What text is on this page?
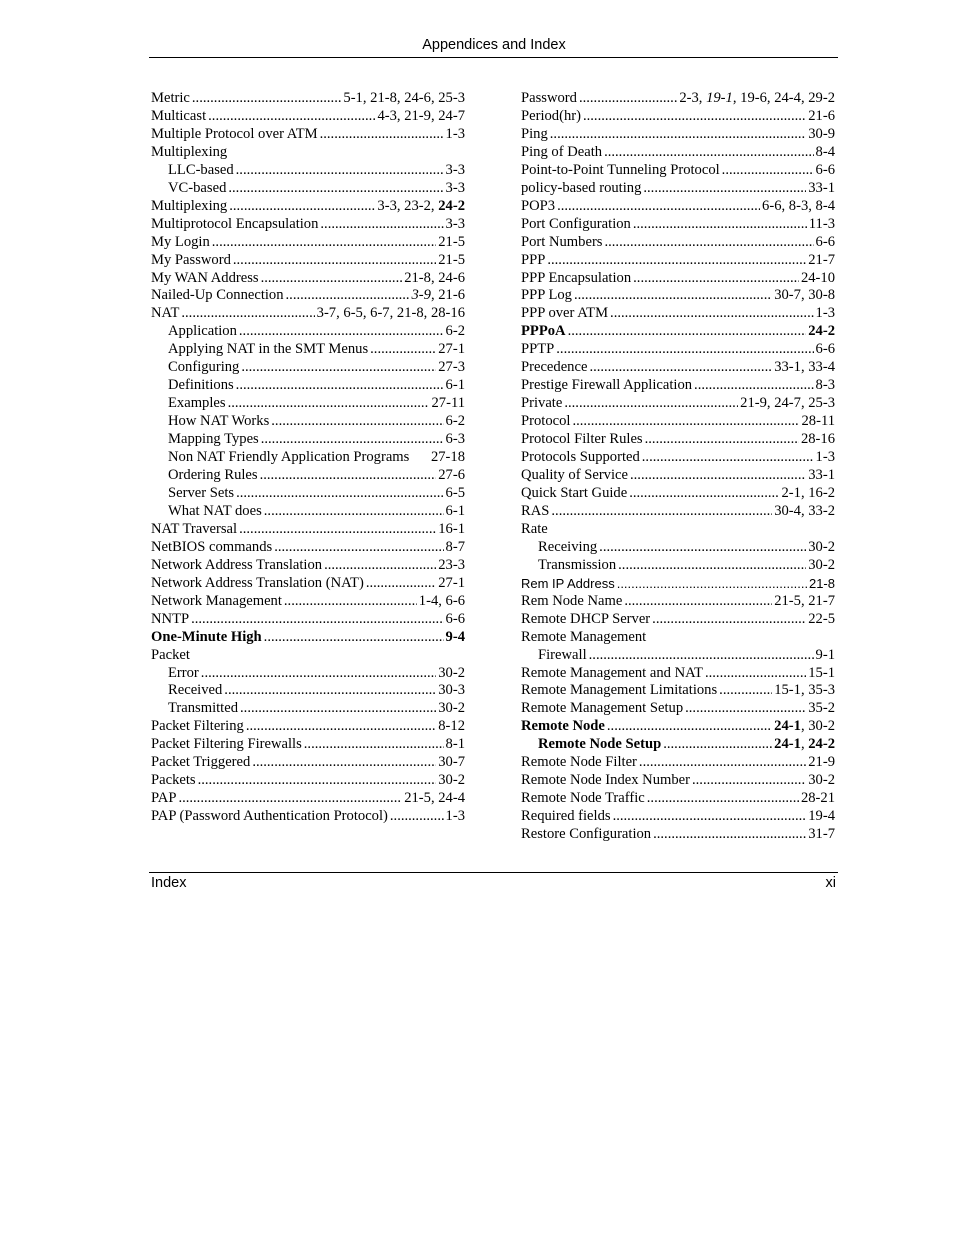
Appendices and Index
Metric .....	5-1, 21-8, 24-6, 25-3
Multicast .....	4-3, 21-9, 24-7
Multiple Protocol over ATM .....	1-3
Multiplexing
LLC-based .....	3-3
VC-based .....	3-3
Multiplexing .....	3-3, 23-2, 24-2
Multiprotocol Encapsulation .....	3-3
My Login .....	21-5
My Password .....	21-5
My WAN Address .....	21-8, 24-6
Nailed-Up Connection .....	3-9, 21-6
NAT .....	3-7, 6-5, 6-7, 21-8, 28-16
Application .....	6-2
Applying NAT in the SMT Menus .....	27-1
Configuring .....	27-3
Definitions .....	6-1
Examples .....	27-11
How NAT Works .....	6-2
Mapping Types .....	6-3
Non NAT Friendly Application Programs 27-18
Ordering Rules .....	27-6
Server Sets .....	6-5
What NAT does .....	6-1
NAT Traversal .....	16-1
NetBIOS commands .....	8-7
Network Address Translation .....	23-3
Network Address Translation (NAT) .....	27-1
Network Management .....	1-4, 6-6
NNTP .....	6-6
One-Minute High .....	9-4
Packet
Error .....	30-2
Received .....	30-3
Transmitted .....	30-2
Packet Filtering .....	8-12
Packet Filtering Firewalls .....	8-1
Packet Triggered .....	30-7
Packets .....	30-2
PAP .....	21-5, 24-4
PAP (Password Authentication Protocol) .....	1-3
Password .....	2-3, 19-1, 19-6, 24-4, 29-2
Period(hr) .....	21-6
Ping .....	30-9
Ping of Death .....	8-4
Point-to-Point Tunneling Protocol .....	6-6
policy-based routing .....	33-1
POP3 .....	6-6, 8-3, 8-4
Port Configuration .....	11-3
Port Numbers .....	6-6
PPP .....	21-7
PPP Encapsulation .....	24-10
PPP Log .....	30-7, 30-8
PPP over ATM .....	1-3
PPPoA .....	24-2
PPTP .....	6-6
Precedence .....	33-1, 33-4
Prestige Firewall Application .....	8-3
Private .....	21-9, 24-7, 25-3
Protocol .....	28-11
Protocol Filter Rules .....	28-16
Protocols Supported .....	1-3
Quality of Service .....	33-1
Quick Start Guide .....	2-1, 16-2
RAS .....	30-4, 33-2
Rate
Receiving .....	30-2
Transmission .....	30-2
Rem IP Address .....	21-8
Rem Node Name .....	21-5, 21-7
Remote DHCP Server .....	22-5
Remote Management
Firewall .....	9-1
Remote Management and NAT .....	15-1
Remote Management Limitations .....	15-1, 35-3
Remote Management Setup .....	35-2
Remote Node .....	24-1, 30-2
Remote Node Setup .....	24-1, 24-2
Remote Node Filter .....	21-9
Remote Node Index Number .....	30-2
Remote Node Traffic .....	28-21
Required fields .....	19-4
Restore Configuration .....	31-7
Index	xi
